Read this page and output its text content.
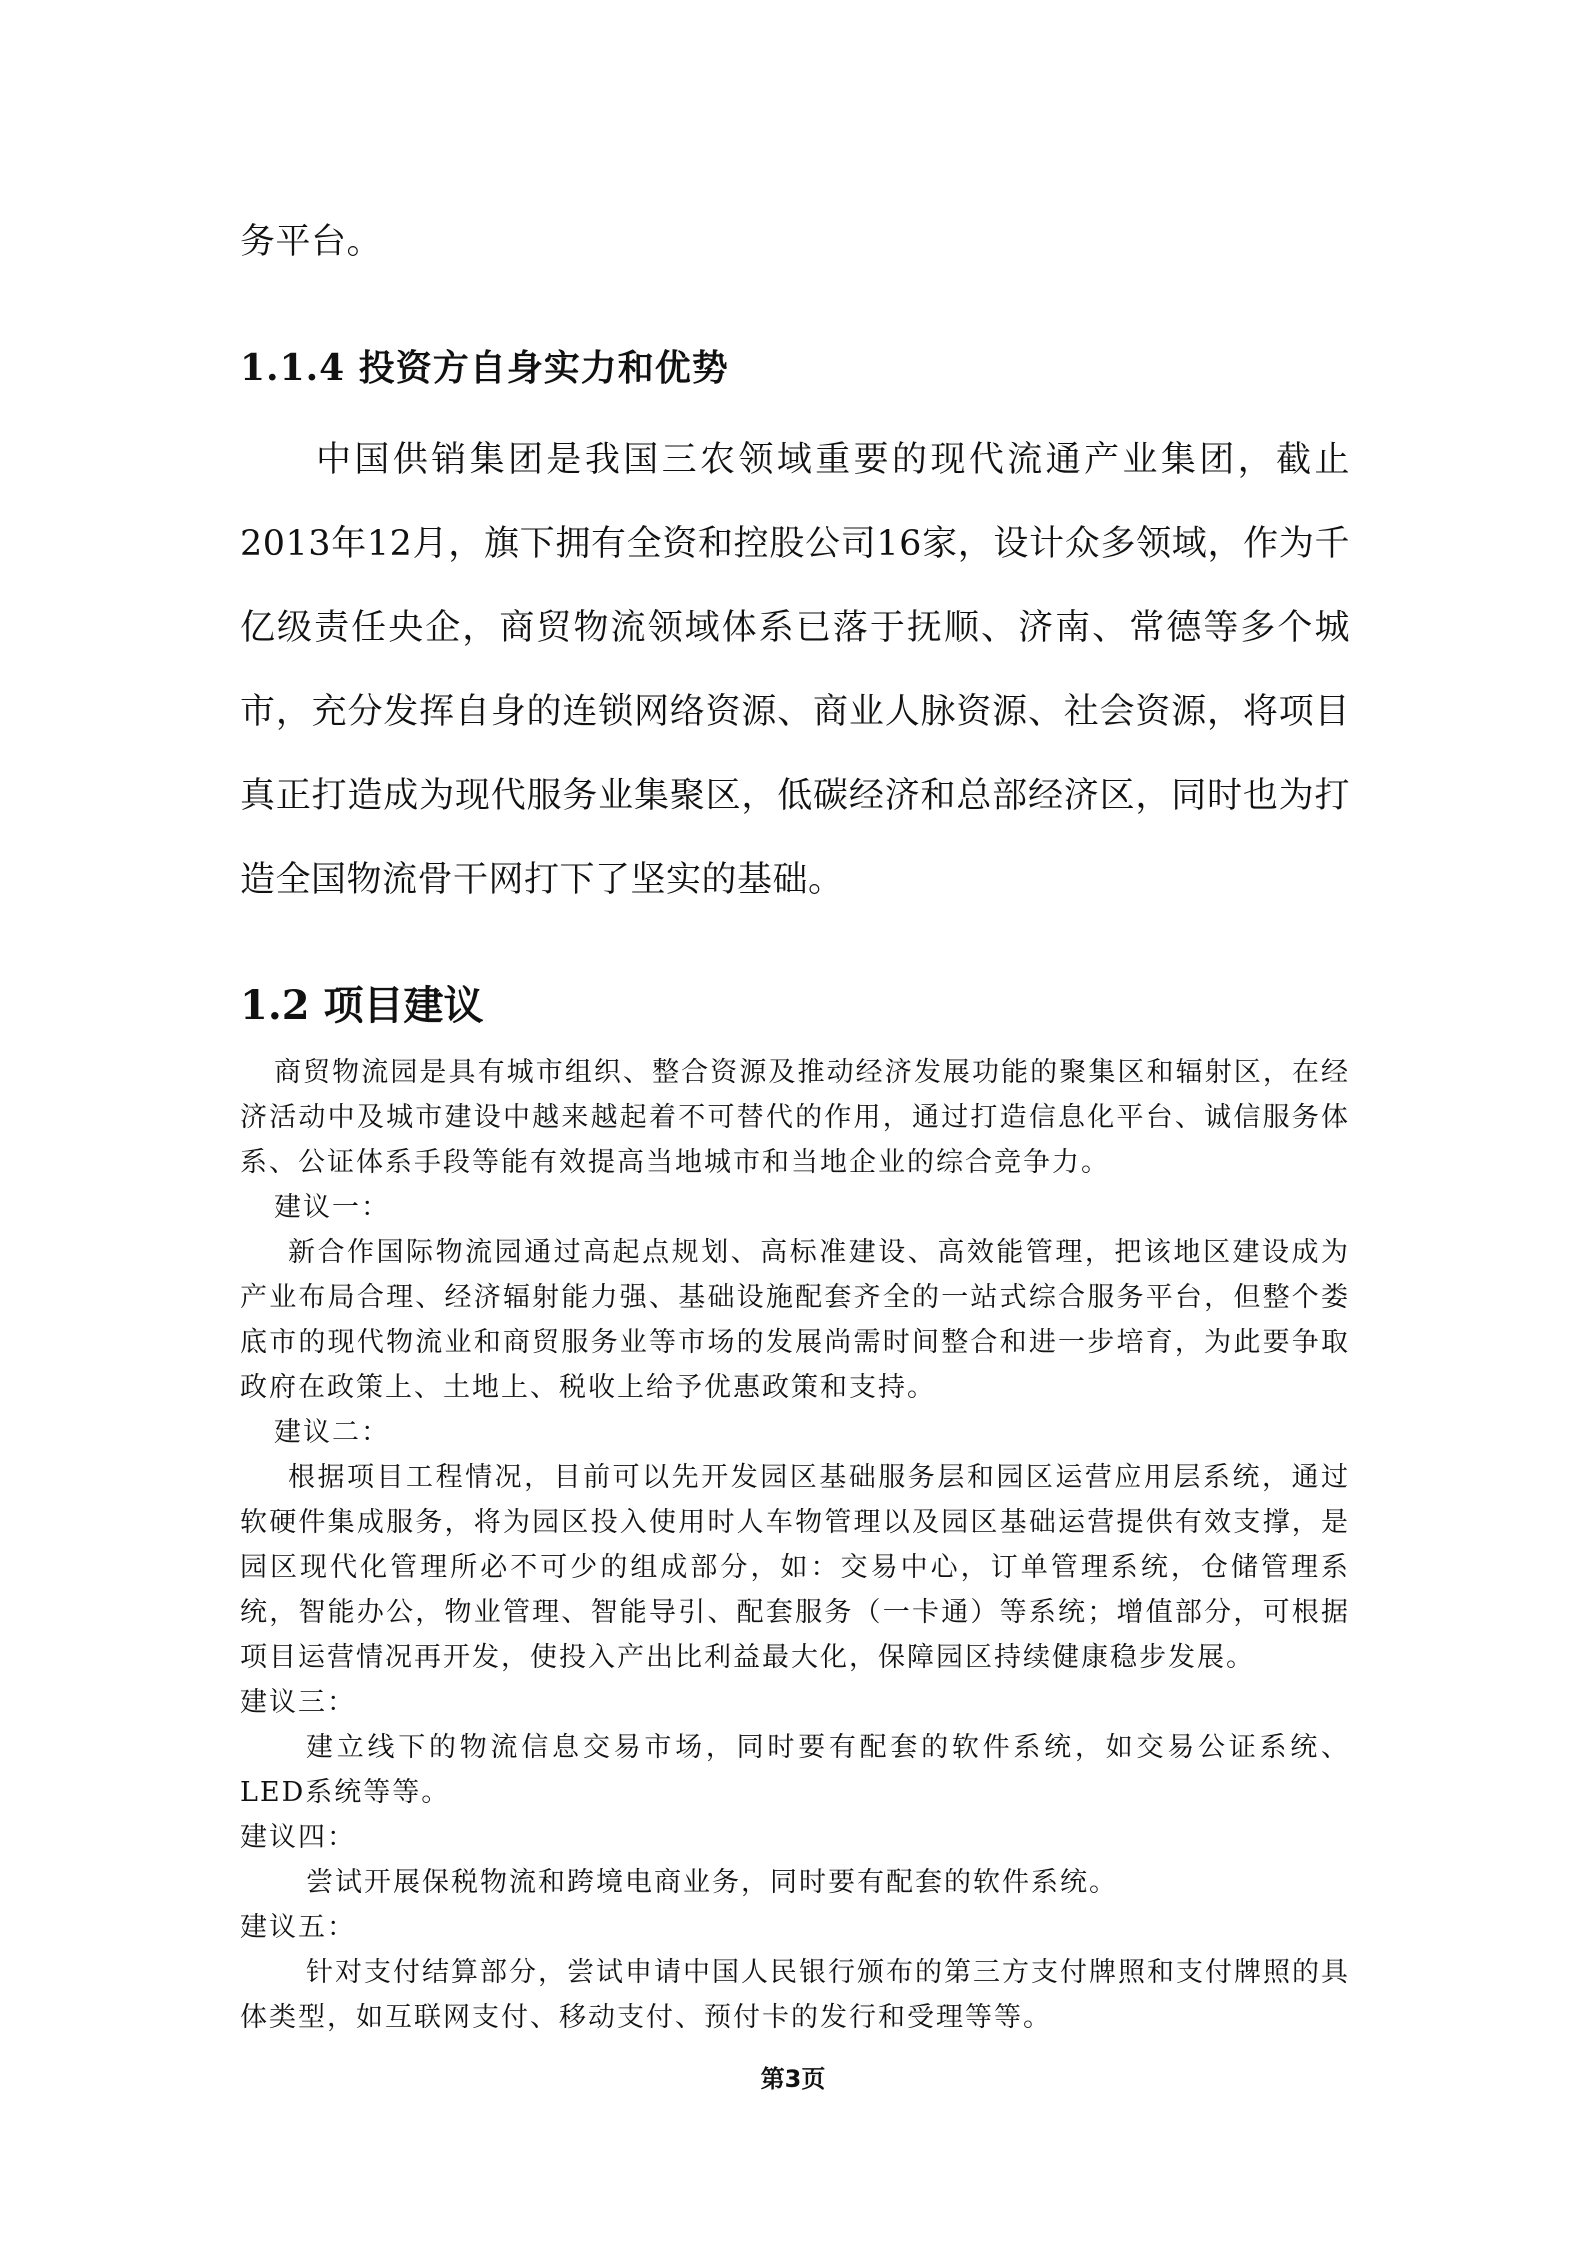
务平台。

1.1.4 投资方自身实力和优势

中国供销集团是我国三农领域重要的现代流通产业集团，截止2013年12月，旗下拥有全资和控股公司16家，设计众多领域，作为千亿级责任央企，商贸物流领域体系已落于抚顺、济南、常德等多个城市，充分发挥自身的连锁网络资源、商业人脉资源、社会资源，将项目真正打造成为现代服务业集聚区，低碳经济和总部经济区，同时也为打造全国物流骨干网打下了坚实的基础。

1.2 项目建议

商贸物流园是具有城市组织、整合资源及推动经济发展功能的聚集区和辐射区，在经济活动中及城市建设中越来越起着不可替代的作用，通过打造信息化平台、诚信服务体系、公证体系手段等能有效提高当地城市和当地企业的综合竞争力。

建议一：

新合作国际物流园通过高起点规划、高标准建设、高效能管理，把该地区建设成为产业布局合理、经济辐射能力强、基础设施配套齐全的一站式综合服务平台，但整个娄底市的现代物流业和商贸服务业等市场的发展尚需时间整合和进一步培育，为此要争取政府在政策上、土地上、税收上给予优惠政策和支持。

建议二：

根据项目工程情况，目前可以先开发园区基础服务层和园区运营应用层系统，通过软硬件集成服务，将为园区投入使用时人车物管理以及园区基础运营提供有效支撑，是园区现代化管理所必不可少的组成部分，如：交易中心，订单管理系统，仓储管理系统，智能办公，物业管理、智能导引、配套服务（一卡通）等系统；增值部分，可根据项目运营情况再开发，使投入产出比利益最大化，保障园区持续健康稳步发展。

建议三：

建立线下的物流信息交易市场，同时要有配套的软件系统，如交易公证系统、LED系统等等。

建议四：

尝试开展保税物流和跨境电商业务，同时要有配套的软件系统。

建议五：

针对支付结算部分，尝试申请中国人民银行颁布的第三方支付牌照和支付牌照的具体类型，如互联网支付、移动支付、预付卡的发行和受理等等。

第3页
